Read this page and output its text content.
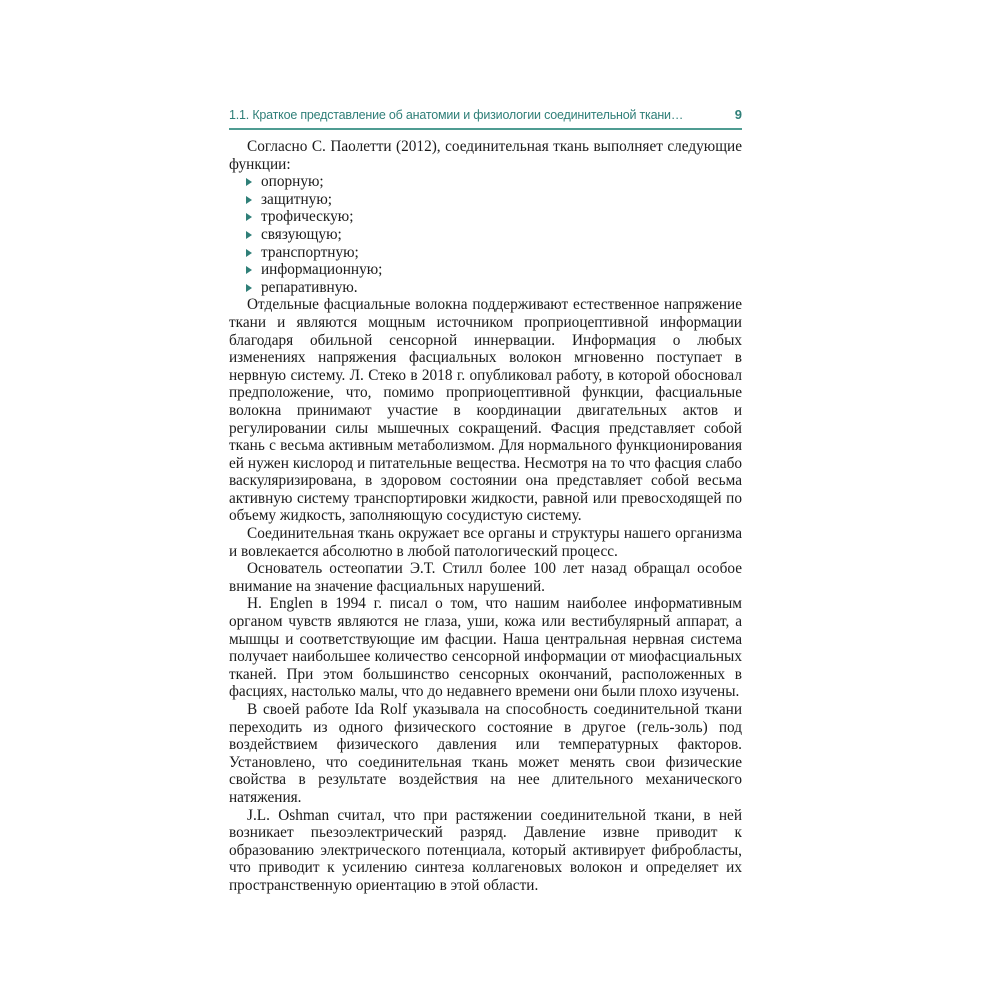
1.1. Краткое представление об анатомии и физиологии соединительной ткани…	9

Согласно С. Паолетти (2012), соединительная ткань выполняет следующие функции:

опорную;
защитную;
трофическую;
связующую;
транспортную;
информационную;
репаративную.

Отдельные фасциальные волокна поддерживают естественное напряжение ткани и являются мощным источником проприоцептивной информации благодаря обильной сенсорной иннервации. Информация о любых изменениях напряжения фасциальных волокон мгновенно поступает в нервную систему. Л. Стеко в 2018 г. опубликовал работу, в которой обосновал предположение, что, помимо проприоцептивной функции, фасциальные волокна принимают участие в координации двигательных актов и регулировании силы мышечных сокращений. Фасция представляет собой ткань с весьма активным метаболизмом. Для нормального функционирования ей нужен кислород и питательные вещества. Несмотря на то что фасция слабо васкуляризирована, в здоровом состоянии она представляет собой весьма активную систему транспортировки жидкости, равной или превосходящей по объему жидкость, заполняющую сосудистую систему.

Соединительная ткань окружает все органы и структуры нашего организма и вовлекается абсолютно в любой патологический процесс.

Основатель остеопатии Э.Т. Стилл более 100 лет назад обращал особое внимание на значение фасциальных нарушений.

H. Englen в 1994 г. писал о том, что нашим наиболее информативным органом чувств являются не глаза, уши, кожа или вестибулярный аппарат, а мышцы и соответствующие им фасции. Наша центральная нервная система получает наибольшее количество сенсорной информации от миофасциальных тканей. При этом большинство сенсорных окончаний, расположенных в фасциях, настолько малы, что до недавнего времени они были плохо изучены.

В своей работе Ida Rolf указывала на способность соединительной ткани переходить из одного физического состояние в другое (гель-золь) под воздействием физического давления или температурных факторов. Установлено, что соединительная ткань может менять свои физические свойства в результате воздействия на нее длительного механического натяжения.

J.L. Oshman считал, что при растяжении соединительной ткани, в ней возникает пьезоэлектрический разряд. Давление извне приводит к образованию электрического потенциала, который активирует фибробласты, что приводит к усилению синтеза коллагеновых волокон и определяет их пространственную ориентацию в этой области.
